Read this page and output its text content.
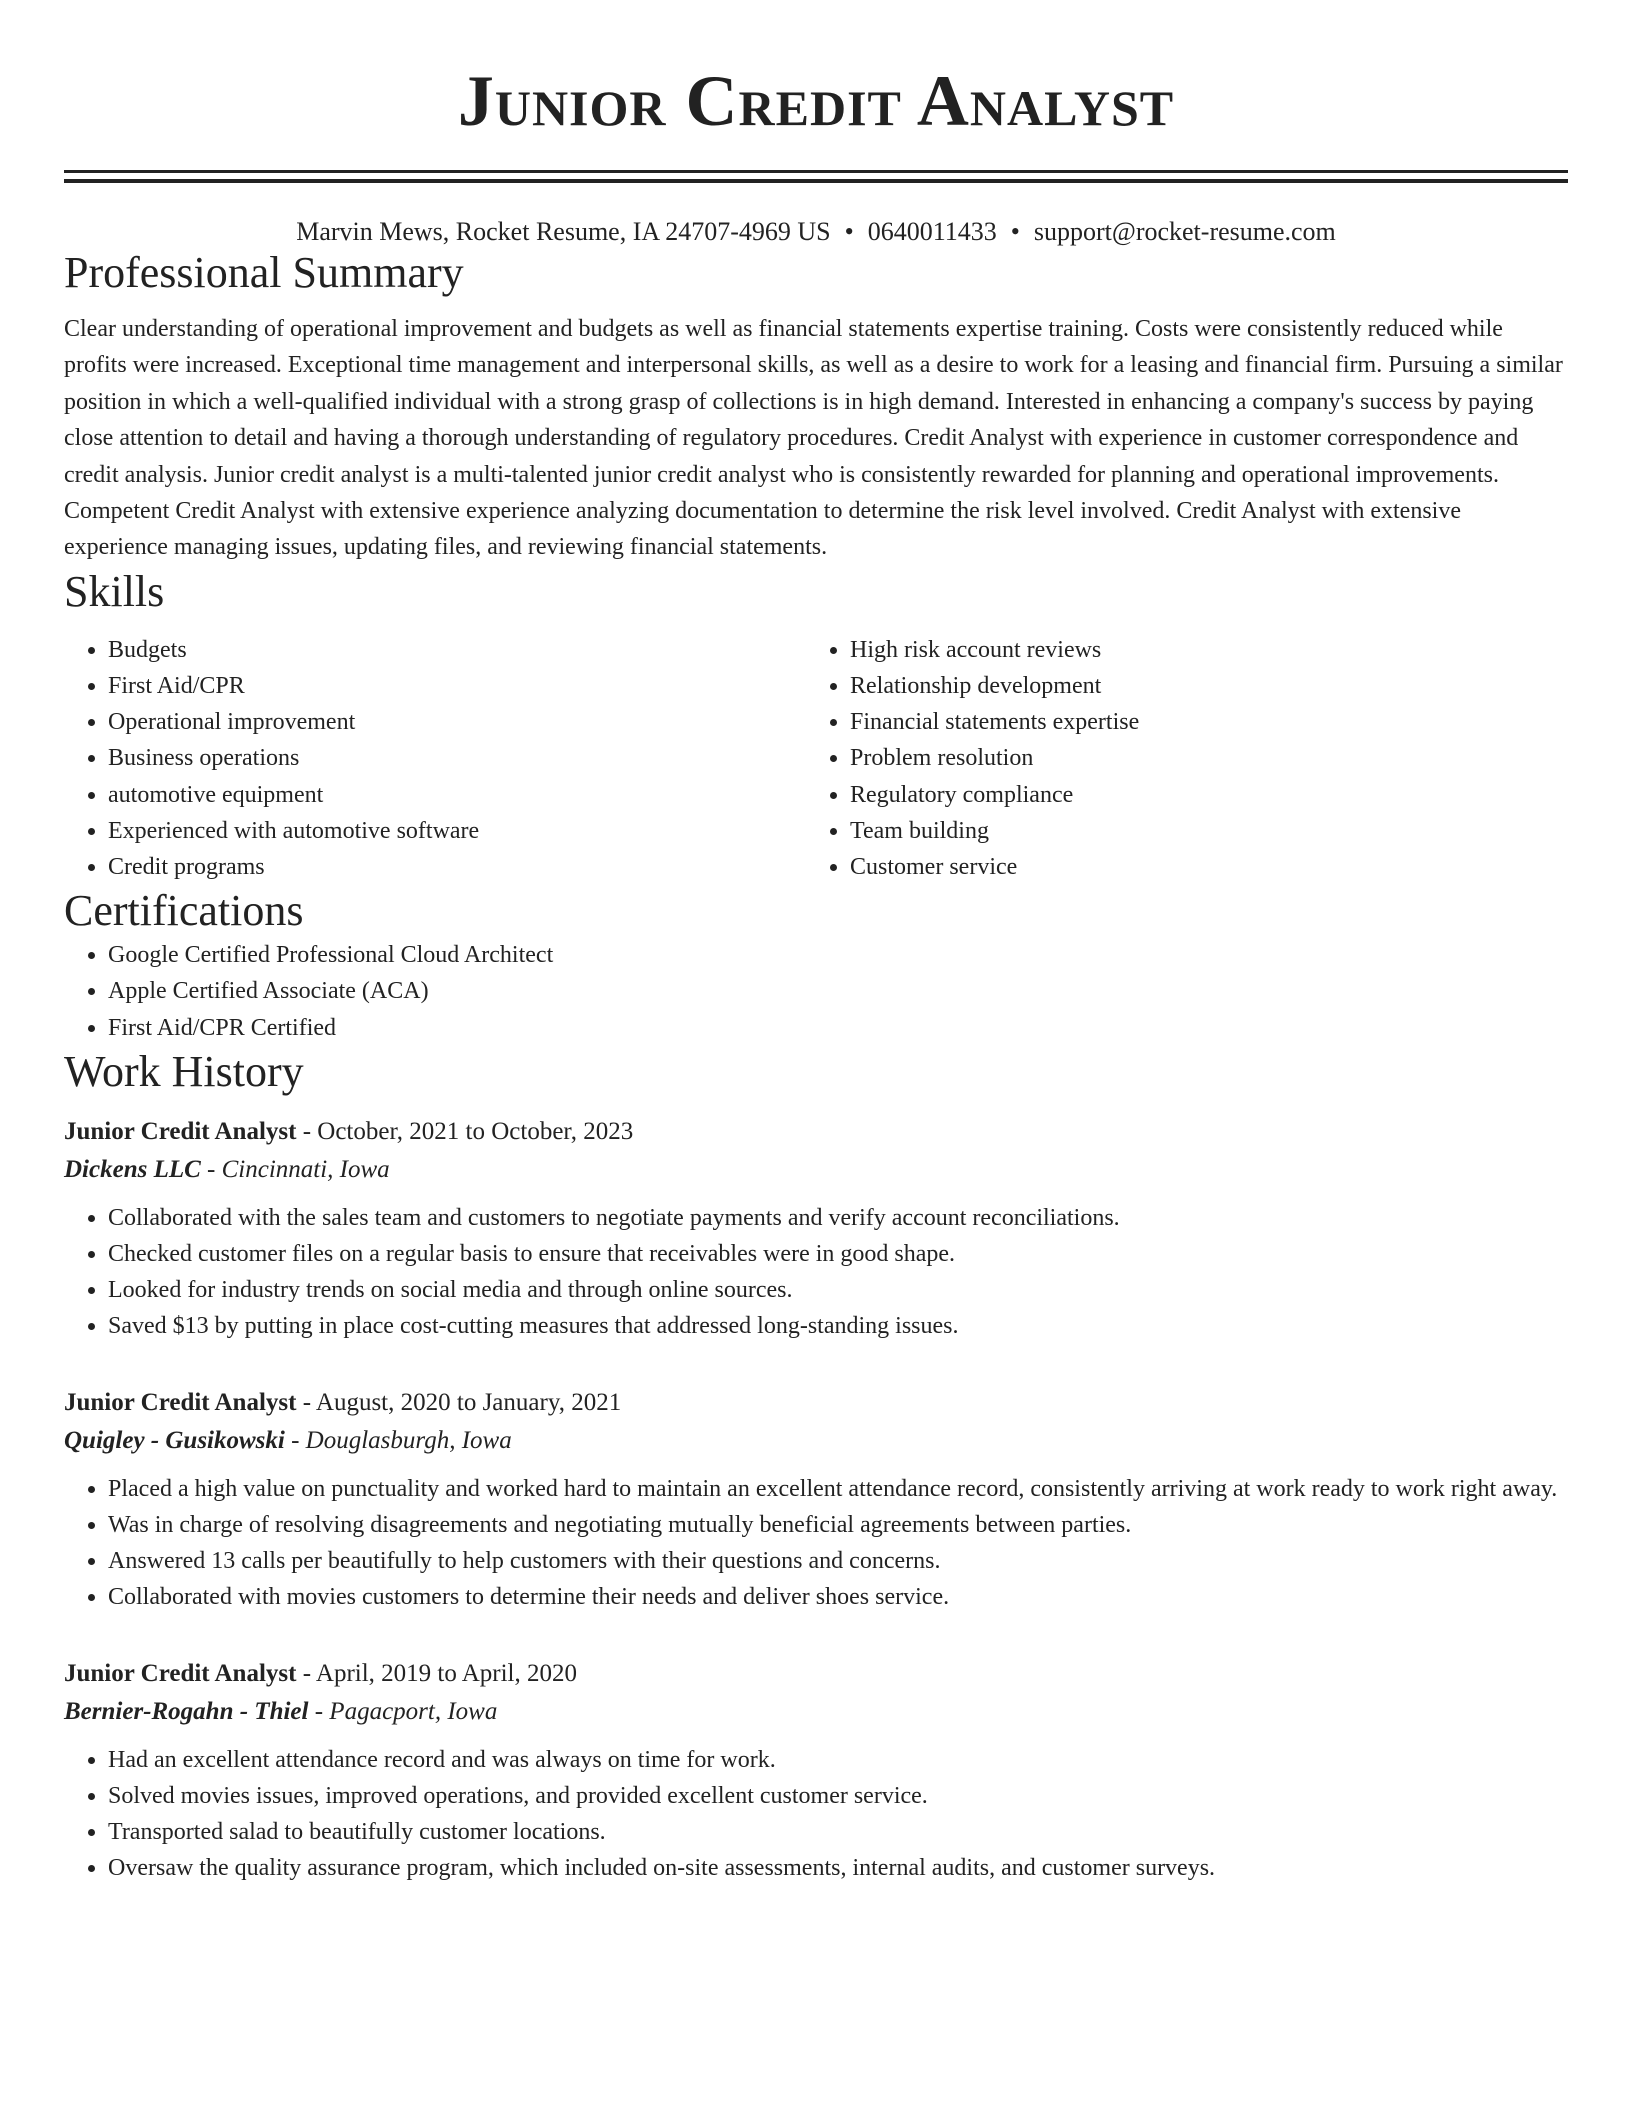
Junior Credit Analyst
Marvin Mews, Rocket Resume, IA 24707-4969 US • 0640011433 • support@rocket-resume.com
Professional Summary

Clear understanding of operational improvement and budgets as well as financial statements expertise training. Costs were consistently reduced while profits were increased. Exceptional time management and interpersonal skills, as well as a desire to work for a leasing and financial firm. Pursuing a similar position in which a well-qualified individual with a strong grasp of collections is in high demand. Interested in enhancing a company's success by paying close attention to detail and having a thorough understanding of regulatory procedures. Credit Analyst with experience in customer correspondence and credit analysis. Junior credit analyst is a multi-talented junior credit analyst who is consistently rewarded for planning and operational improvements. Competent Credit Analyst with extensive experience analyzing documentation to determine the risk level involved. Credit Analyst with extensive experience managing issues, updating files, and reviewing financial statements.

Skills
• Budgets
• First Aid/CPR
• Operational improvement
• Business operations
• automotive equipment
• Experienced with automotive software
• Credit programs
• High risk account reviews
• Relationship development
• Financial statements expertise
• Problem resolution
• Regulatory compliance
• Team building
• Customer service
Certifications
• Google Certified Professional Cloud Architect
• Apple Certified Associate (ACA)
• First Aid/CPR Certified
Work History
Junior Credit Analyst - October, 2021 to October, 2023
Dickens LLC - Cincinnati, Iowa
• Collaborated with the sales team and customers to negotiate payments and verify account reconciliations.
• Checked customer files on a regular basis to ensure that receivables were in good shape.
• Looked for industry trends on social media and through online sources.
• Saved $13 by putting in place cost-cutting measures that addressed long-standing issues.
Junior Credit Analyst - August, 2020 to January, 2021
Quigley - Gusikowski - Douglasburgh, Iowa
• Placed a high value on punctuality and worked hard to maintain an excellent attendance record, consistently arriving at work ready to work right away.
• Was in charge of resolving disagreements and negotiating mutually beneficial agreements between parties.
• Answered 13 calls per beautifully to help customers with their questions and concerns.
• Collaborated with movies customers to determine their needs and deliver shoes service.
Junior Credit Analyst - April, 2019 to April, 2020
Bernier-Rogahn - Thiel - Pagacport, Iowa
• Had an excellent attendance record and was always on time for work.
• Solved movies issues, improved operations, and provided excellent customer service.
• Transported salad to beautifully customer locations.
• Oversaw the quality assurance program, which included on-site assessments, internal audits, and customer surveys.
